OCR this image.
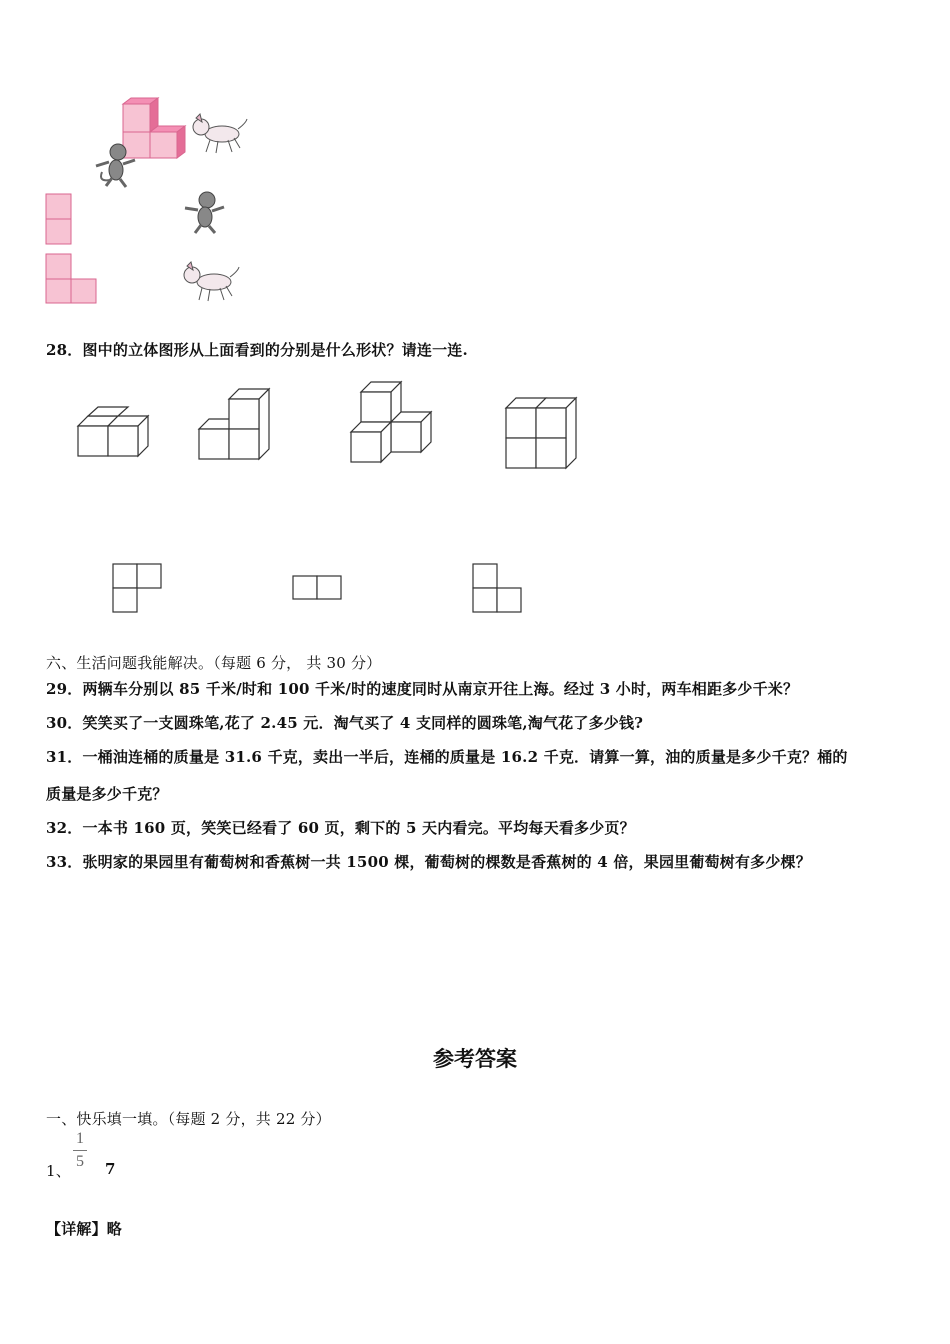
28．图中的立体图形从上面看到的分别是什么形状？请连一连.
六、生活问题我能解决。（每题 6 分， 共 30 分）
29．两辆车分别以 85 千米/时和 100 千米/时的速度同时从南京开往上海。经过 3 小时，两车相距多少千米？
30．笑笑买了一支圆珠笔,花了 2.45 元．淘气买了 4 支同样的圆珠笔,淘气花了多少钱?
31．一桶油连桶的质量是 31.6 千克，卖出一半后，连桶的质量是 16.2 千克．请算一算，油的质量是多少千克？桶的
质量是多少千克？
32．一本书 160 页，笑笑已经看了 60 页，剩下的 5 天内看完。平均每天看多少页？
33．张明家的果园里有葡萄树和香蕉树一共 1500 棵，葡萄树的棵数是香蕉树的 4 倍，果园里葡萄树有多少棵？
参考答案
一、快乐填一填。（每题 2 分，共 22 分）
1、
1
5 7
【详解】略
